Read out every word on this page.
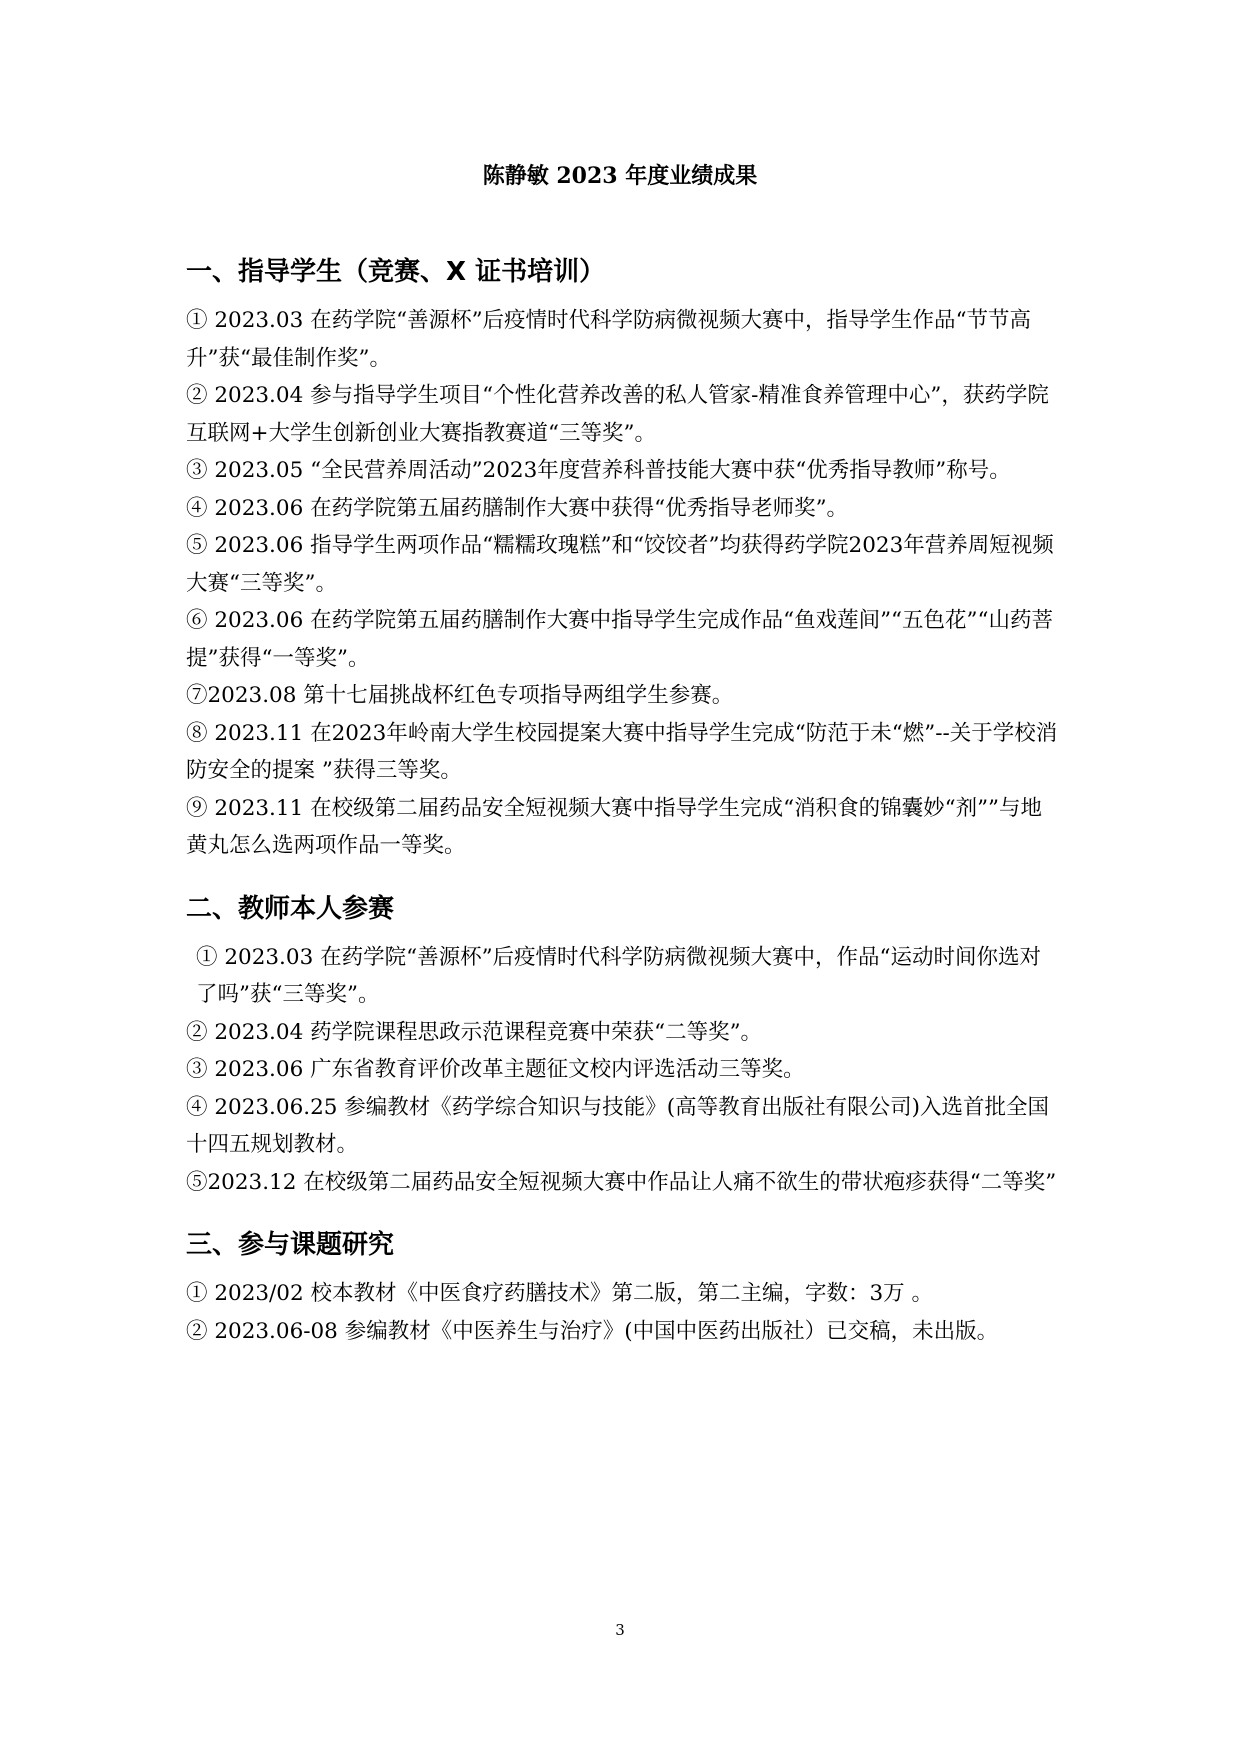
陈静敏 2023 年度业绩成果
一、指导学生（竞赛、X 证书培训）

① 2023.03 在药学院“善源杯”后疫情时代科学防病微视频大赛中，指导学生作品“节节高升”获“最佳制作奖”。

② 2023.04 参与指导学生项目“个性化营养改善的私人管家-精准食养管理中心”，获药学院互联网+大学生创新创业大赛指教赛道“三等奖”。

③ 2023.05 “全民营养周活动”2023年度营养科普技能大赛中获“优秀指导教师”称号。

④ 2023.06 在药学院第五届药膳制作大赛中获得“优秀指导老师奖”。

⑤ 2023.06 指导学生两项作品“糯糯玫瑰糕”和“饺饺者”均获得药学院2023年营养周短视频大赛“三等奖”。

⑥ 2023.06 在药学院第五届药膳制作大赛中指导学生完成作品“鱼戏莲间”“五色花”“山药菩提”获得“一等奖”。

⑦2023.08 第十七届挑战杯红色专项指导两组学生参赛。

⑧ 2023.11 在2023年岭南大学生校园提案大赛中指导学生完成“防范于未“燃”--关于学校消防安全的提案 ”获得三等奖。

⑨ 2023.11 在校级第二届药品安全短视频大赛中指导学生完成“消积食的锦囊妙“剂””与地黄丸怎么选两项作品一等奖。

二、教师本人参赛

① 2023.03 在药学院“善源杯”后疫情时代科学防病微视频大赛中，作品“运动时间你选对了吗”获“三等奖”。

② 2023.04 药学院课程思政示范课程竞赛中荣获“二等奖”。

③ 2023.06 广东省教育评价改革主题征文校内评选活动三等奖。

④ 2023.06.25 参编教材《药学综合知识与技能》(高等教育出版社有限公司)入选首批全国十四五规划教材。

⑤2023.12 在校级第二届药品安全短视频大赛中作品让人痛不欲生的带状疱疹获得“二等奖”

三、参与课题研究

① 2023/02 校本教材《中医食疗药膳技术》第二版，第二主编，字数：3万 。

② 2023.06-08 参编教材《中医养生与治疗》(中国中医药出版社）已交稿，未出版。

3
